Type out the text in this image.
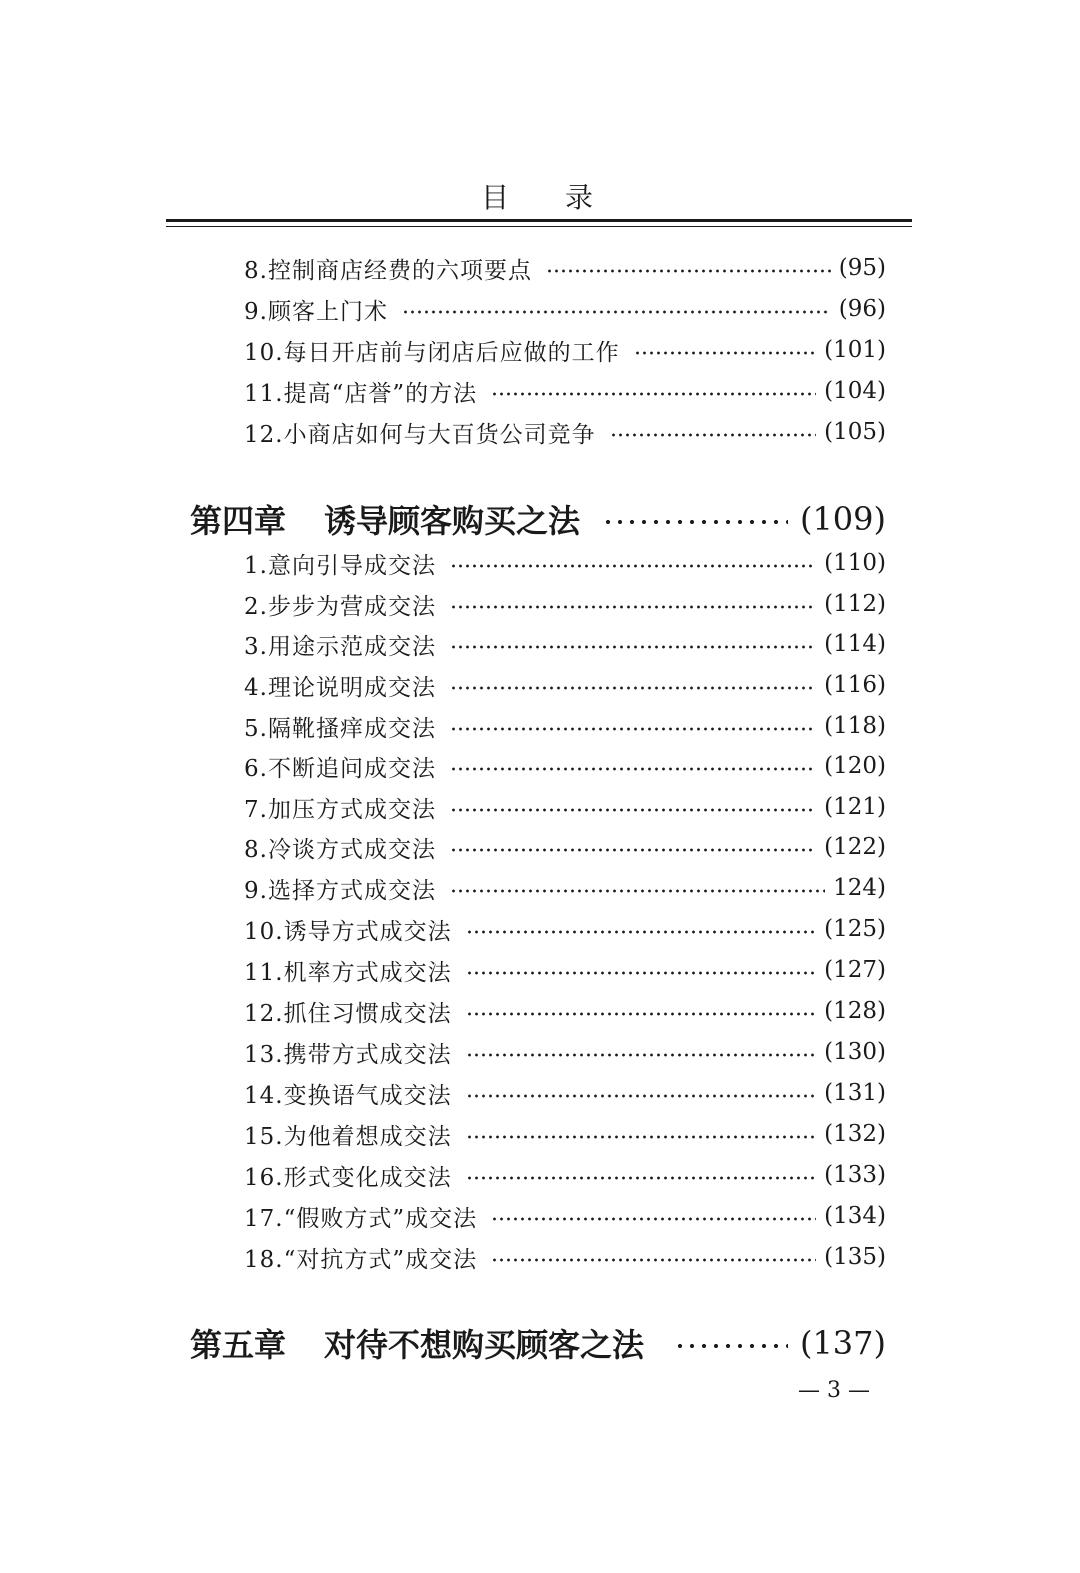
目录
8.控制商店经费的六项要点	(95)
9.顾客上门术	(96)
10.每日开店前与闭店后应做的工作	(101)
11.提高“店誉”的方法	(104)
12.小商店如何与大百货公司竞争	(105)
第四章 诱导顾客购买之法	(109)
1.意向引导成交法	(110)
2.步步为营成交法	(112)
3.用途示范成交法	(114)
4.理论说明成交法	(116)
5.隔靴搔痒成交法	(118)
6.不断追问成交法	(120)
7.加压方式成交法	(121)
8.冷谈方式成交法	(122)
9.选择方式成交法	124)
10.诱导方式成交法	(125)
11.机率方式成交法	(127)
12.抓住习惯成交法	(128)
13.携带方式成交法	(130)
14.变换语气成交法	(131)
15.为他着想成交法	(132)
16.形式变化成交法	(133)
17.“假败方式”成交法	(134)
18.“对抗方式”成交法	(135)
第五章 对待不想购买顾客之法	(137)
— 3 —
